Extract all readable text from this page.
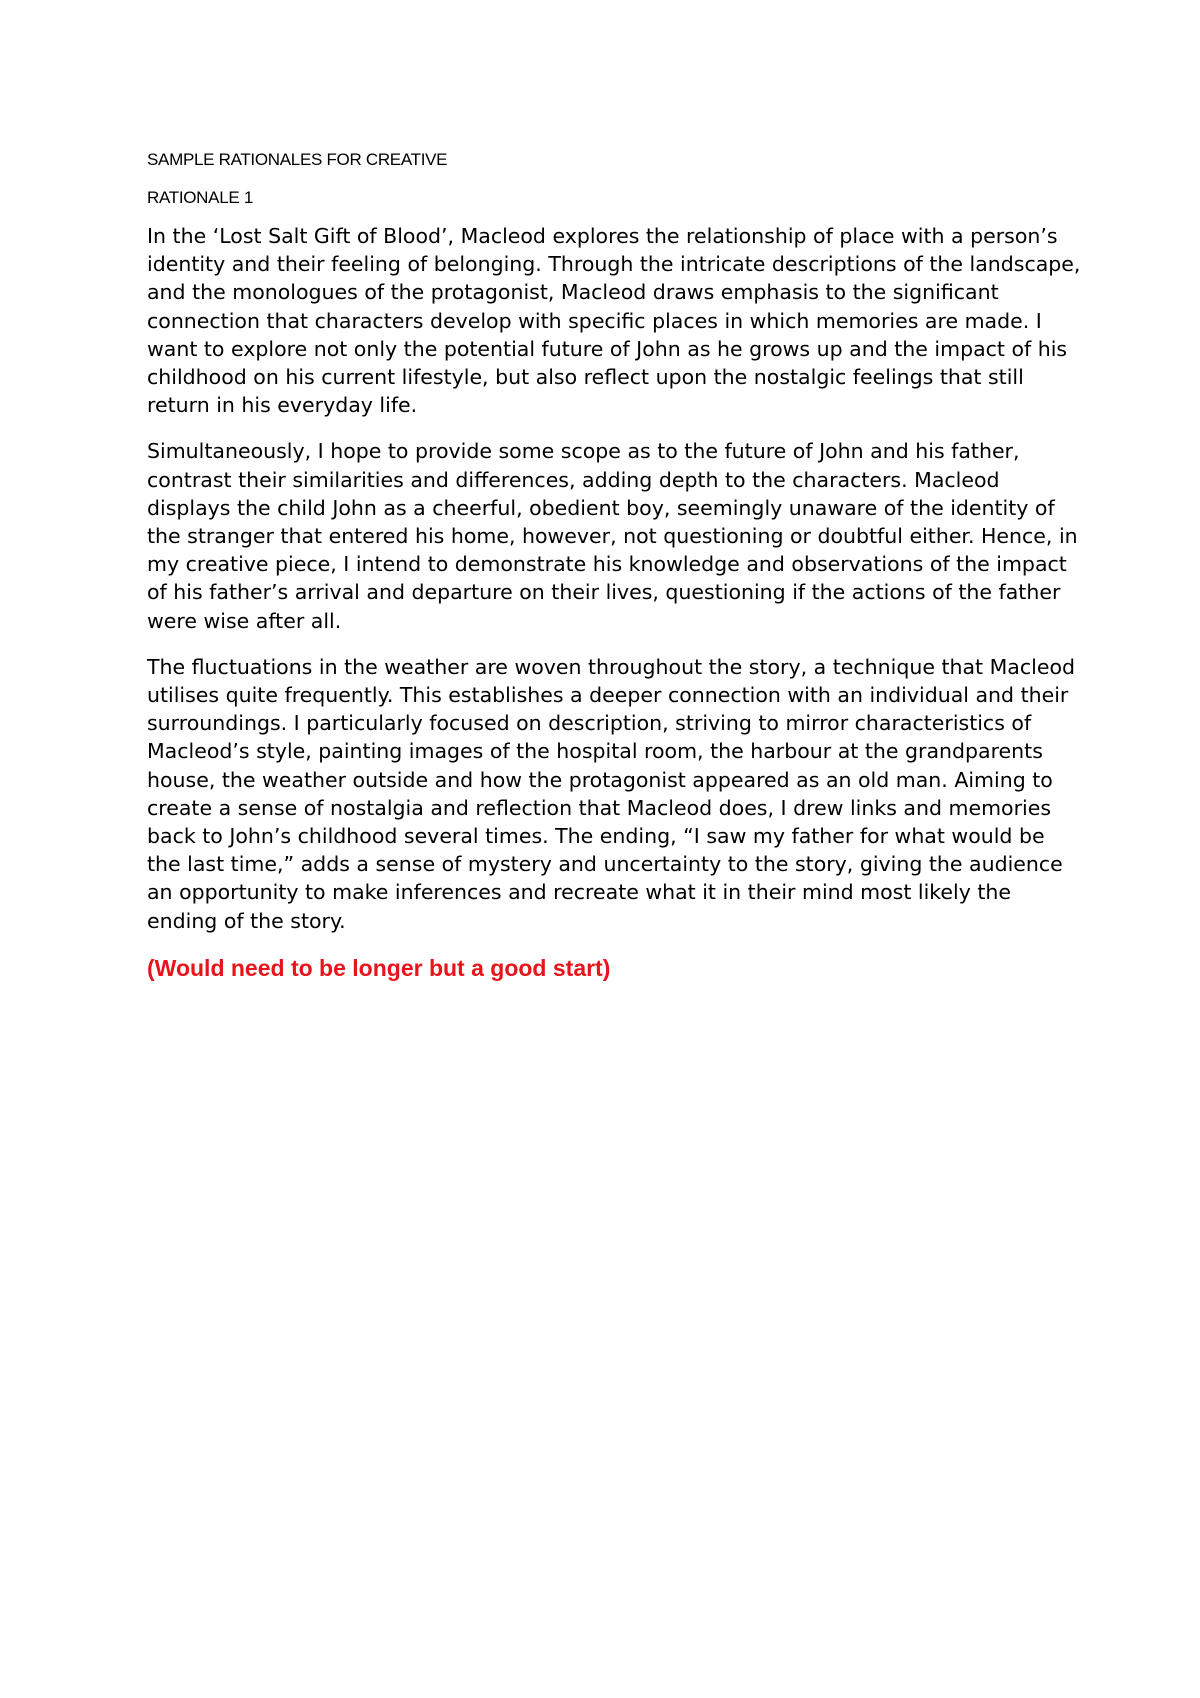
SAMPLE RATIONALES FOR CREATIVE

RATIONALE 1

In the ‘Lost Salt Gift of Blood’, Macleod explores the relationship of place with a person’s identity and their feeling of belonging. Through the intricate descriptions of the landscape, and the monologues of the protagonist, Macleod draws emphasis to the significant connection that characters develop with specific places in which memories are made. I want to explore not only the potential future of John as he grows up and the impact of his childhood on his current lifestyle, but also reflect upon the nostalgic feelings that still return in his everyday life.

Simultaneously, I hope to provide some scope as to the future of John and his father, contrast their similarities and differences, adding depth to the characters. Macleod displays the child John as a cheerful, obedient boy, seemingly unaware of the identity of the stranger that entered his home, however, not questioning or doubtful either. Hence, in my creative piece, I intend to demonstrate his knowledge and observations of the impact of his father’s arrival and departure on their lives, questioning if the actions of the father were wise after all.

The fluctuations in the weather are woven throughout the story, a technique that Macleod utilises quite frequently. This establishes a deeper connection with an individual and their surroundings. I particularly focused on description, striving to mirror characteristics of Macleod’s style, painting images of the hospital room, the harbour at the grandparents house, the weather outside and how the protagonist appeared as an old man. Aiming to create a sense of nostalgia and reflection that Macleod does, I drew links and memories back to John’s childhood several times. The ending, “I saw my father for what would be the last time,” adds a sense of mystery and uncertainty to the story, giving the audience an opportunity to make inferences and recreate what it in their mind most likely the ending of the story.

(Would need to be longer but a good start)
